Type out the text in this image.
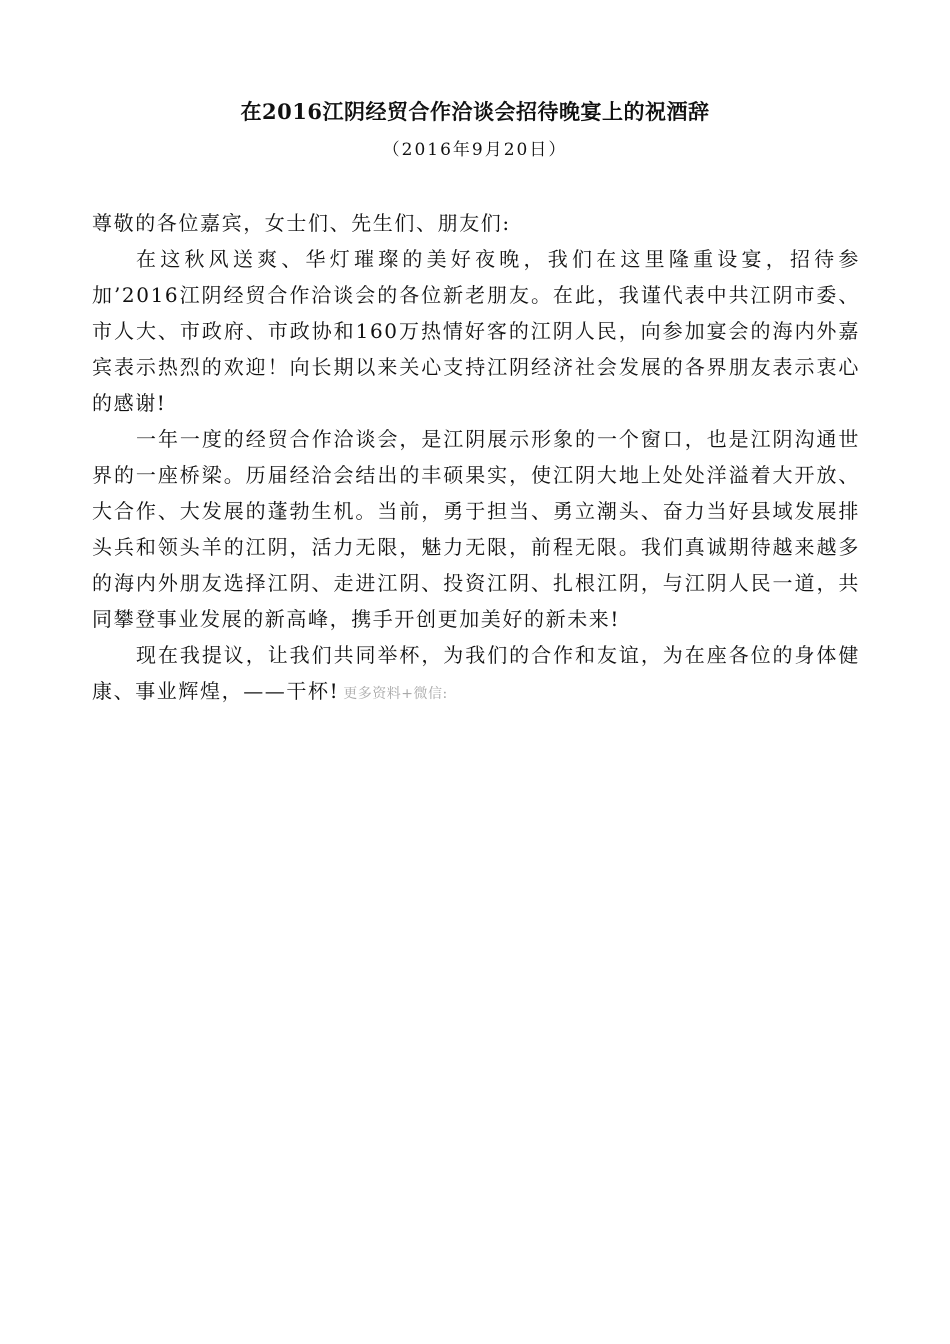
在2016江阴经贸合作洽谈会招待晚宴上的祝酒辞
（2016年9月20日）

尊敬的各位嘉宾，女士们、先生们、朋友们:

在这秋风送爽、华灯璀璨的美好夜晚，我们在这里隆重设宴，招待参加’2016江阴经贸合作洽谈会的各位新老朋友。在此，我谨代表中共江阴市委、市人大、市政府、市政协和160万热情好客的江阴人民，向参加宴会的海内外嘉宾表示热烈的欢迎！向长期以来关心支持江阴经济社会发展的各界朋友表示衷心的感谢!

一年一度的经贸合作洽谈会，是江阴展示形象的一个窗口，也是江阴沟通世界的一座桥梁。历届经洽会结出的丰硕果实，使江阴大地上处处洋溢着大开放、大合作、大发展的蓬勃生机。当前，勇于担当、勇立潮头、奋力当好县域发展排头兵和领头羊的江阴，活力无限，魅力无限，前程无限。我们真诚期待越来越多的海内外朋友选择江阴、走进江阴、投资江阴、扎根江阴，与江阴人民一道，共同攀登事业发展的新高峰，携手开创更加美好的新未来!

现在我提议，让我们共同举杯，为我们的合作和友谊，为在座各位的身体健康、事业辉煌，——干杯! 更多资料+微信:
